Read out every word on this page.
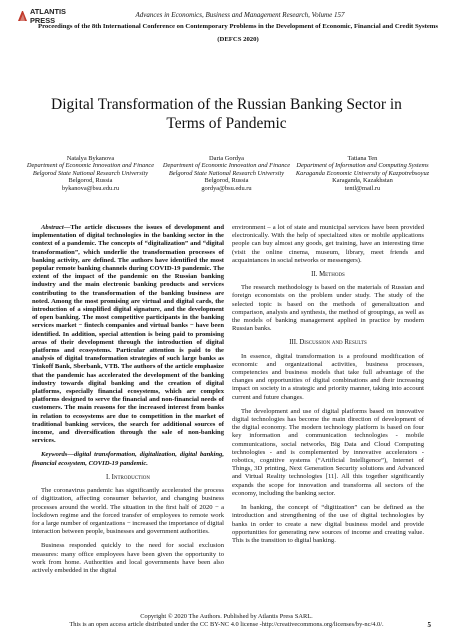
ATLANTIS
PRESS
Advances in Economics, Business and Management Research, Volume 157
Proceedings of the 8th International Conference on Contemporary Problems in the Development of Economic, Financial and Credit Systems (DEFCS 2020)
Digital Transformation of the Russian Banking Sector in Terms of Pandemic
Natalya Bykanova
Department of Economic Innovation and Finance
Belgorod State National Research University
Belgorod, Russia
bykanova@bsu.edu.ru
Daria Gordya
Department of Economic Innovation and Finance
Belgorod State National Research University
Belgorod, Russia
gordya@bsu.edu.ru
Tatiana Ten
Department of Information and Computing Systems
Karaganda Economic University of Kazpotrebsoyuz
Karaganda, Kazakhstan
tentl@mail.ru

Abstract—The article discusses the issues of development and implementation of digital technologies in the banking sector in the context of a pandemic. The concepts of “digitalization” and “digital transformation”, which underlie the transformation processes of banking activity, are defined. The authors have identified the most popular remote banking channels during COVID-19 pandemic. The extent of the impact of the pandemic on the Russian banking industry and the main electronic banking products and services contributing to the transformation of the banking business are noted. Among the most promising are virtual and digital cards, the introduction of a simplified digital signature, and the development of open banking. The most competitive participants in the banking services market − fintech companies and virtual banks − have been identified. In addition, special attention is being paid to promising areas of their development through the introduction of digital platforms and ecosystems. Particular attention is paid to the analysis of digital transformation strategies of such large banks as Tinkoff Bank, Sberbank, VTB. The authors of the article emphasize that the pandemic has accelerated the development of the banking industry towards digital banking and the creation of digital platforms, especially financial ecosystems, which are complex platforms designed to serve the financial and non-financial needs of customers. The main reasons for the increased interest from banks in relation to ecosystems are due to competition in the market of traditional banking services, the search for additional sources of income, and diversification through the sale of non-banking services.

Keywords—digital transformation, digitalization, digital banking, financial ecosystem, COVID-19 pandemic.

I. Introduction

The coronavirus pandemic has significantly accelerated the process of digitization, affecting consumer behavior, and changing business processes around the world. The situation in the first half of 2020 − a lockdown regime and the forced transfer of employees to remote work for a large number of organizations − increased the importance of digital interaction between people, businesses and government authorities.

Business responded quickly to the need for social exclusion measures: many office employees have been given the opportunity to work from home. Authorities and local governments have been also actively embedded in the digital

environment – a lot of state and municipal services have been provided electronically. With the help of specialized sites or mobile applications people can buy almost any goods, get training, have an interesting time (visit the online cinema, museum, library, meet friends and acquaintances in social networks or messengers).

II. Methods

The research methodology is based on the materials of Russian and foreign economists on the problem under study. The study of the selected topic is based on the methods of generalization and comparison, analysis and synthesis, the method of groupings, as well as the models of banking management applied in practice by modern Russian banks.

III. Discussion and Results

In essence, digital transformation is a profound modification of economic and organizational activities, business processes, competencies and business models that take full advantage of the changes and opportunities of digital combinations and their increasing impact on society in a strategic and priority manner, taking into account current and future changes.

The development and use of digital platforms based on innovative digital technologies has become the main direction of development of the digital economy. The modern technology platform is based on four key information and communication technologies - mobile communications, social networks, Big Data and Cloud Computing technologies - and is complemented by innovative accelerators - robotics, cognitive systems (“Artificial Intelligence”), Internet of Things, 3D printing, Next Generation Security solutions and Advanced and Virtual Reality technologies [11]. All this together significantly expands the scope for innovation and transforms all sectors of the economy, including the banking sector.

In banking, the concept of “digitization” can be defined as the introduction and strengthening of the use of digital technologies by banks in order to create a new digital business model and provide opportunities for generating new sources of income and creating value. This is the transition to digital banking.

Copyright © 2020 The Authors. Published by Atlantis Press SARL.
This is an open access article distributed under the CC BY-NC 4.0 license -http://creativecommons.org/licenses/by-nc/4.0/.	5
